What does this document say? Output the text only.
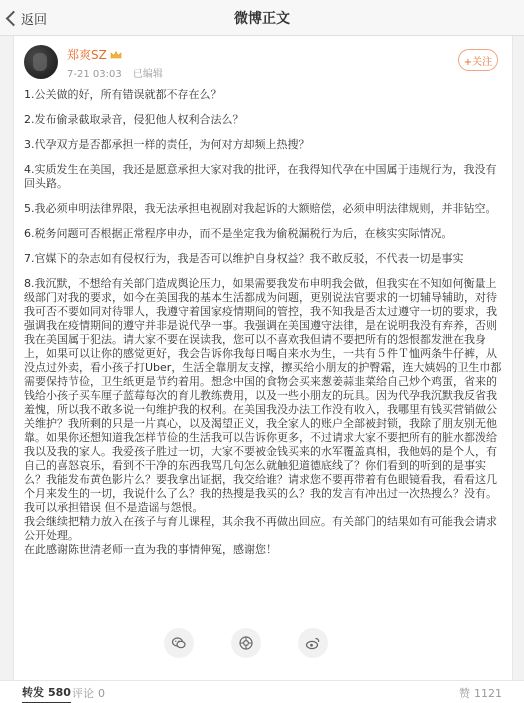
返回	微博正文
郑爽SZ
7-21 03:03 已编辑
+关注

1.公关做的好，所有错误就都不存在么？

2.发布偷录截取录音，侵犯他人权利合法么？

3.代孕双方是否都承担一样的责任，为何对方却频上热搜？

4.实质发生在美国，我还是愿意承担大家对我的批评，在我得知代孕在中国属于违规行为，我没有回头路。

5.我必须申明法律界限，我无法承担电视剧对我起诉的大额赔偿，必须申明法律规则，并非钻空。

6.税务问题可否根据正常程序申办，而不是坐定我为偷税漏税行为后，在核实实际情况。

7.官媒下的杂志如有侵权行为，我是否可以维护自身权益？我不敢反驳，不代表一切是事实

8.我沉默，不想给有关部门造成舆论压力，如果需要我发布申明我会做，但我实在不知如何衡量上级部门对我的要求，如今在美国我的基本生活都成为问题，更别说法官要求的一切辅导辅助，对待我可否不要如同对待罪人，我遵守着国家疫情期间的管控，我不知我是否太过遵守一切的要求，我强调我在疫情期间的遵守并非是说代孕一事。我强调在美国遵守法律，是在说明我没有弃养，否则我在美国属于犯法。请大家不要在误读我，您可以不喜欢我但请不要把所有的怨恨都发泄在我身上，如果可以让你的感觉更好，我会告诉你我每日喝自来水为生，一共有５件Ｔ恤两条牛仔裤，从没点过外卖，看小孩子打Uber，生活全靠朋友支撑，擦买给小朋友的护臀霜，连大姨妈的卫生巾都需要保持节俭，卫生纸更是节约着用。想念中国的食物会买来葱姜蒜韭菜给自己炒个鸡蛋，省来的钱给小孩子买车厘子蓝莓每次的育儿教练费用，以及一些小朋友的玩具。因为代孕我沉默我反省我羞愧，所以我不敢多说一句维护我的权利。在美国我没办法工作没有收入，我哪里有钱买营销做公关维护？我所剩的只是一片真心，以及渴望正义，我全家人的账户全部被封锁，我除了朋友别无他靠。如果你还想知道我怎样节俭的生活我可以告诉你更多，不过请求大家不要把所有的脏水都泼给我以及我的家人。我爱孩子胜过一切，大家不要被金钱买来的水军覆盖真相，我他妈的是个人，有自己的喜怒哀乐，看到不干净的东西我骂几句怎么就触犯道德底线了？你们看到的听到的是事实么？我能发布黄色影片么？要我拿出证据，我交给谁？请求您不要再带着有色眼镜看我，看看这几个月来发生的一切，我说什么了么？我的热搜是我买的么？我的发言有冲出过一次热搜么？没有。

我可以承担错误 但不是造谣与怨恨。

我会继续把精力放入在孩子与育儿课程，其余我不再做出回应。有关部门的结果如有可能我会请求公开处理。

在此感谢陈世清老师一直为我的事情伸冤，感谢您！

转发 580 评论 0	赞 1121
